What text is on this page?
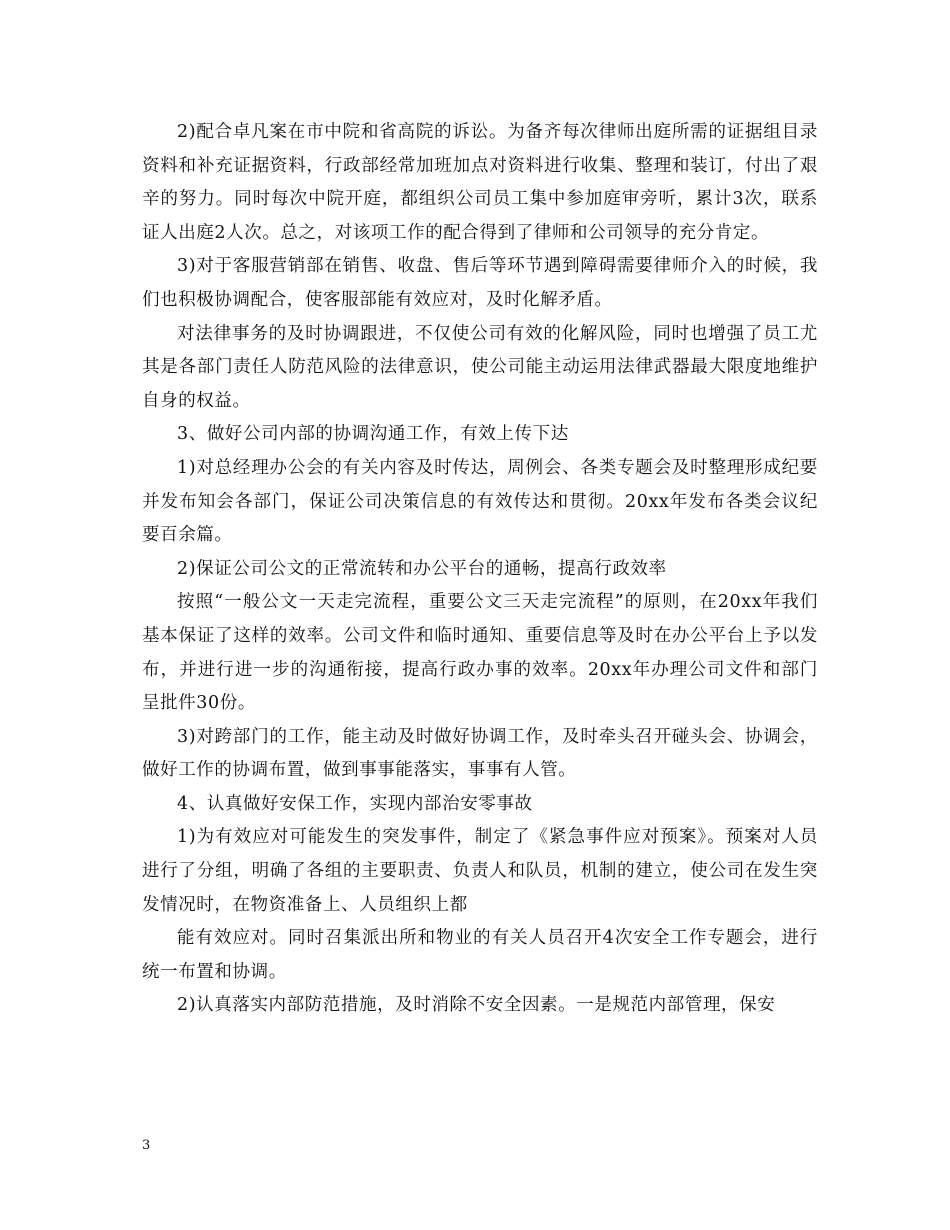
2)配合卓凡案在市中院和省高院的诉讼。为备齐每次律师出庭所需的证据组目录资料和补充证据资料，行政部经常加班加点对资料进行收集、整理和装订，付出了艰辛的努力。同时每次中院开庭，都组织公司员工集中参加庭审旁听，累计3次，联系证人出庭2人次。总之，对该项工作的配合得到了律师和公司领导的充分肯定。

3)对于客服营销部在销售、收盘、售后等环节遇到障碍需要律师介入的时候，我们也积极协调配合，使客服部能有效应对，及时化解矛盾。

对法律事务的及时协调跟进，不仅使公司有效的化解风险，同时也增强了员工尤其是各部门责任人防范风险的法律意识，使公司能主动运用法律武器最大限度地维护自身的权益。

3、做好公司内部的协调沟通工作，有效上传下达

1)对总经理办公会的有关内容及时传达，周例会、各类专题会及时整理形成纪要并发布知会各部门，保证公司决策信息的有效传达和贯彻。20xx年发布各类会议纪要百余篇。

2)保证公司公文的正常流转和办公平台的通畅，提高行政效率

按照“一般公文一天走完流程，重要公文三天走完流程”的原则，在20xx年我们基本保证了这样的效率。公司文件和临时通知、重要信息等及时在办公平台上予以发布，并进行进一步的沟通衔接，提高行政办事的效率。20xx年办理公司文件和部门呈批件30份。

3)对跨部门的工作，能主动及时做好协调工作，及时牵头召开碰头会、协调会，做好工作的协调布置，做到事事能落实，事事有人管。

4、认真做好安保工作，实现内部治安零事故

1)为有效应对可能发生的突发事件，制定了《紧急事件应对预案》。预案对人员进行了分组，明确了各组的主要职责、负责人和队员，机制的建立，使公司在发生突发情况时，在物资准备上、人员组织上都

能有效应对。同时召集派出所和物业的有关人员召开4次安全工作专题会，进行统一布置和协调。

2)认真落实内部防范措施，及时消除不安全因素。一是规范内部管理，保安

3
